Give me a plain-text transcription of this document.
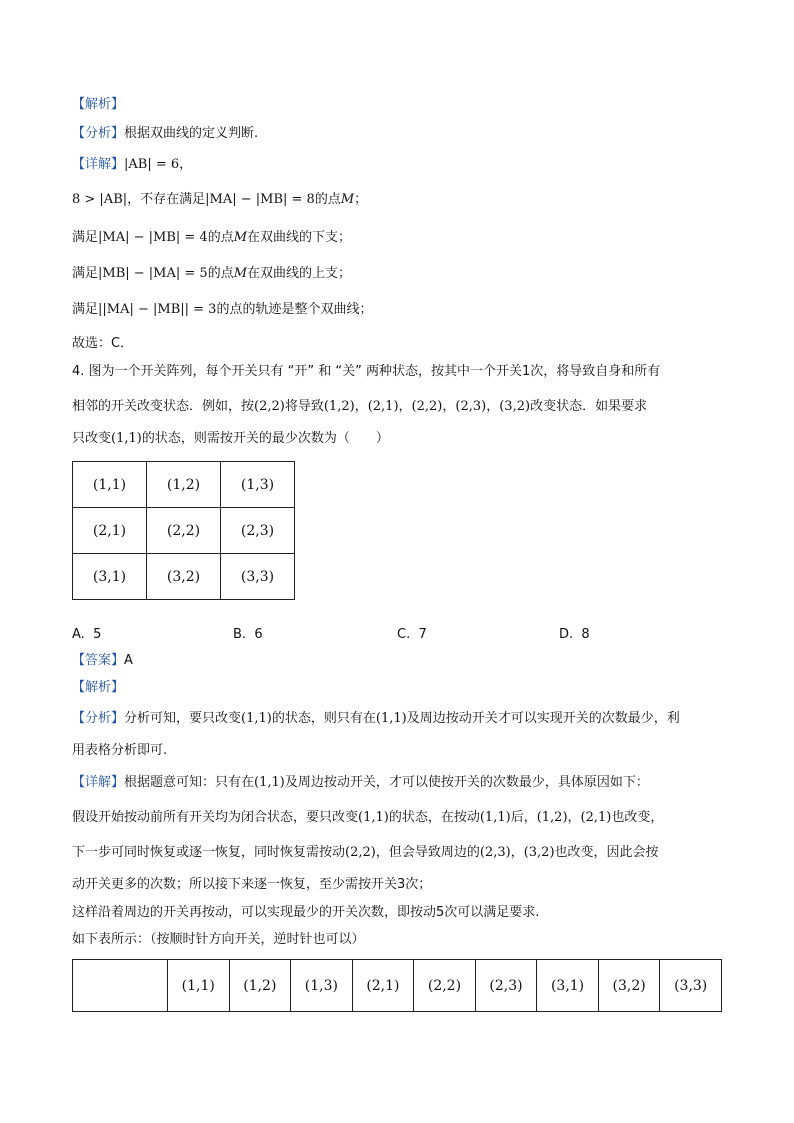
【解析】
【分析】根据双曲线的定义判断.
【详解】|AB| = 6，
8 > |AB|，不存在满足|MA| − |MB| = 8的点M；
满足|MA| − |MB| = 4的点M在双曲线的下支；
满足|MB| − |MA| = 5的点M在双曲线的上支；
满足||MA| − |MB|| = 3的点的轨迹是整个双曲线；
故选：C．
4. 图为一个开关阵列，每个开关只有 “开” 和 “关” 两种状态，按其中一个开关1次，将导致自身和所有
相邻的开关改变状态．例如，按(2,2)将导致(1,2)，(2,1)，(2,2)，(2,3)，(3,2)改变状态．如果要求
只改变(1,1)的状态，则需按开关的最少次数为（　　）
(1,1)	(1,2)	(1,3)
(2,1)	(2,2)	(2,3)
(3,1)	(3,2)	(3,3)
A. 5	B. 6	C. 7	D. 8
【答案】A
【解析】
【分析】分析可知，要只改变(1,1)的状态，则只有在(1,1)及周边按动开关才可以实现开关的次数最少，利
用表格分析即可.
【详解】根据题意可知：只有在(1,1)及周边按动开关，才可以使按开关的次数最少，具体原因如下：
假设开始按动前所有开关均为闭合状态，要只改变(1,1)的状态，在按动(1,1)后，(1,2)，(2,1)也改变，
下一步可同时恢复或逐一恢复，同时恢复需按动(2,2)，但会导致周边的(2,3)，(3,2)也改变，因此会按
动开关更多的次数；所以接下来逐一恢复，至少需按开关3次；
这样沿着周边的开关再按动，可以实现最少的开关次数，即按动5次可以满足要求.
如下表所示：（按顺时针方向开关，逆时针也可以）
	(1,1)	(1,2)	(1,3)	(2,1)	(2,2)	(2,3)	(3,1)	(3,2)	(3,3)
